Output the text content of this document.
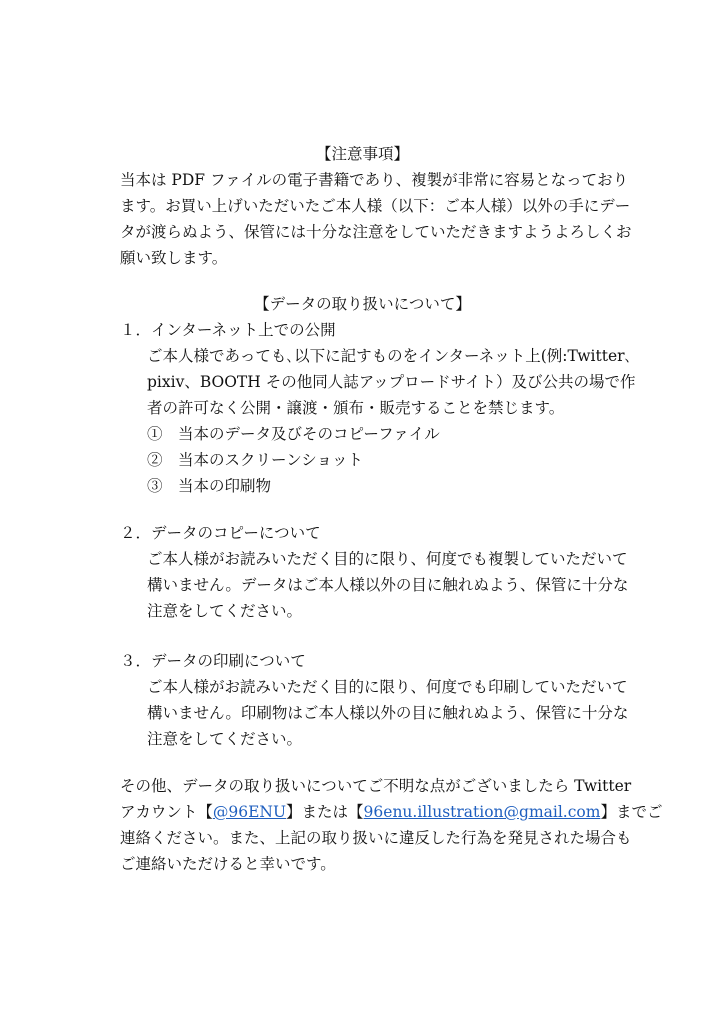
【注意事項】
当本は PDF ファイルの電子書籍であり、複製が非常に容易となっており
ます。お買い上げいただいたご本人様（以下：ご本人様）以外の手にデー
タが渡らぬよう、保管には十分な注意をしていただきますようよろしくお
願い致します。
【データの取り扱いについて】
１．インターネット上での公開
ご本人様であっても､以下に記すものをインターネット上(例:Twitter､
pixiv、BOOTH その他同人誌アップロードサイト）及び公共の場で作
者の許可なく公開・譲渡・頒布・販売することを禁じます。
①　当本のデータ及びそのコピーファイル
②　当本のスクリーンショット
③　当本の印刷物
２．データのコピーについて
ご本人様がお読みいただく目的に限り、何度でも複製していただいて
構いません。データはご本人様以外の目に触れぬよう、保管に十分な
注意をしてください。
３．データの印刷について
ご本人様がお読みいただく目的に限り、何度でも印刷していただいて
構いません。印刷物はご本人様以外の目に触れぬよう、保管に十分な
注意をしてください。
その他、データの取り扱いについてご不明な点がございましたら Twitter
アカウント【@96ENU】または【96enu.illustration@gmail.com】までご
連絡ください。また、上記の取り扱いに違反した行為を発見された場合も
ご連絡いただけると幸いです。
